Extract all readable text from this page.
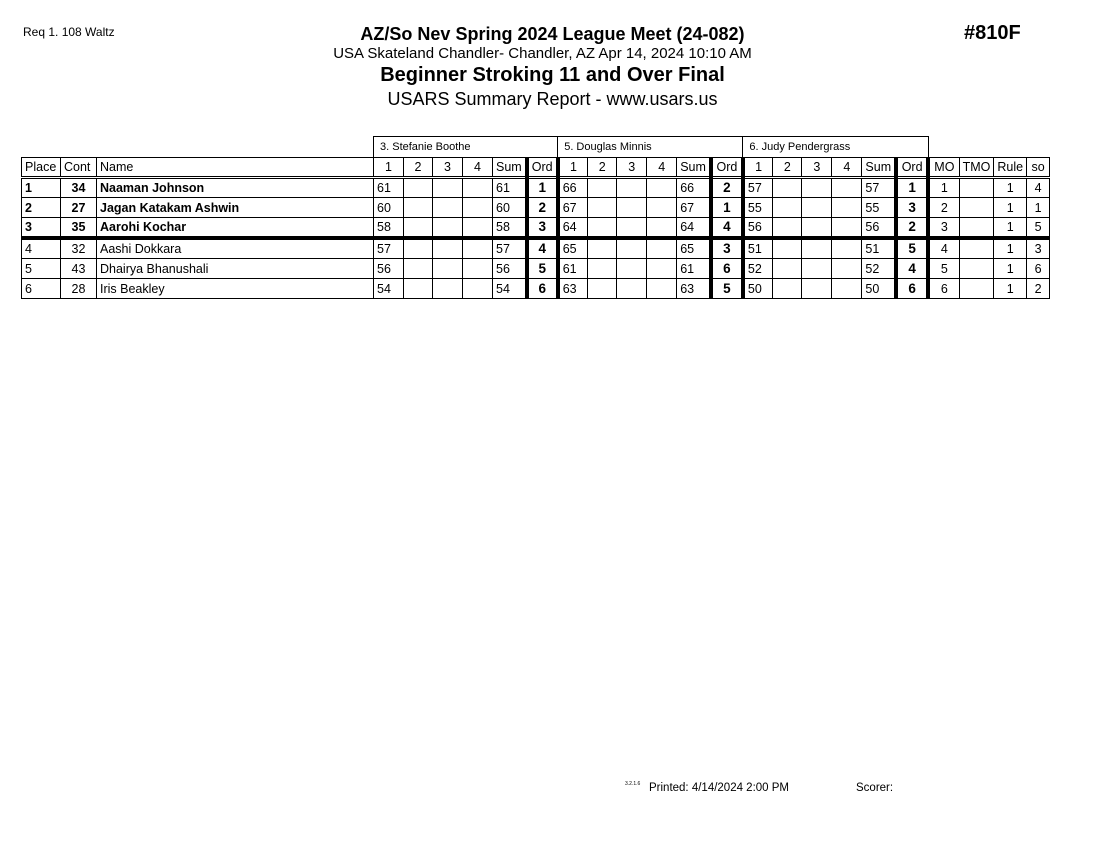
Req 1. 108 Waltz	#810F
AZ/So Nev Spring 2024 League Meet (24-082)
USA Skateland Chandler- Chandler, AZ Apr 14, 2024 10:10 AM
Beginner Stroking 11 and Over Final
USARS Summary Report - www.usars.us
			3. Stefanie Boothe						5. Douglas Minnis						6. Judy Pendergrass									
Place	Cont	Name	1	2	3	4	Sum	Ord	1	2	3	4	Sum	Ord	1	2	3	4	Sum	Ord	MO	TMO	Rule	so
1	34	Naaman Johnson	61				61	1	66				66	2	57				57	1	1		1	4
2	27	Jagan Katakam Ashwin	60				60	2	67				67	1	55				55	3	2		1	1
3	35	Aarohi Kochar	58				58	3	64				64	4	56				56	2	3		1	5
4	32	Aashi Dokkara	57				57	4	65				65	3	51				51	5	4		1	3
5	43	Dhairya Bhanushali	56				56	5	61				61	6	52				52	4	5		1	6
6	28	Iris Beakley	54				54	6	63				63	5	50				50	6	6		1	2
3.2.1.6 Printed: 4/14/2024 2:00 PM	Scorer:
